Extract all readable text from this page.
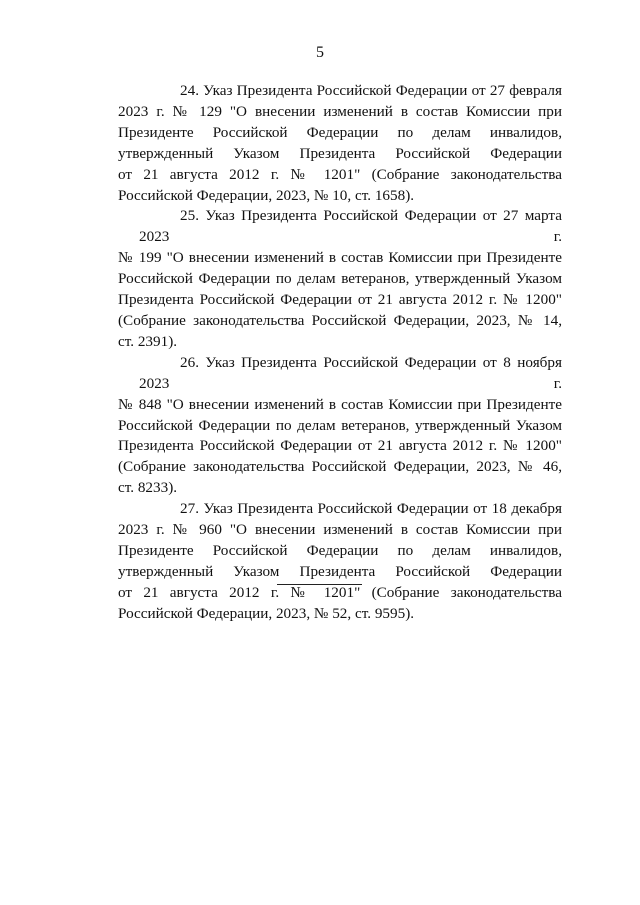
5

24. Указ Президента Российской Федерации от 27 февраля
2023 г. № 129 "О внесении изменений в состав Комиссии при
Президенте Российской Федерации по делам инвалидов,
утвержденный Указом Президента Российской Федерации
от 21 августа 2012 г. № 1201" (Собрание законодательства
Российской Федерации, 2023, № 10, ст. 1658).

25. Указ Президента Российской Федерации от 27 марта 2023 г.
№ 199 "О внесении изменений в состав Комиссии при Президенте
Российской Федерации по делам ветеранов, утвержденный Указом
Президента Российской Федерации от 21 августа 2012 г. № 1200"
(Собрание законодательства Российской Федерации, 2023, № 14,
ст. 2391).

26. Указ Президента Российской Федерации от 8 ноября 2023 г.
№ 848 "О внесении изменений в состав Комиссии при Президенте
Российской Федерации по делам ветеранов, утвержденный Указом
Президента Российской Федерации от 21 августа 2012 г. № 1200"
(Собрание законодательства Российской Федерации, 2023, № 46,
ст. 8233).

27. Указ Президента Российской Федерации от 18 декабря
2023 г. № 960 "О внесении изменений в состав Комиссии при
Президенте Российской Федерации по делам инвалидов,
утвержденный Указом Президента Российской Федерации
от 21 августа 2012 г. № 1201" (Собрание законодательства
Российской Федерации, 2023, № 52, ст. 9595).
